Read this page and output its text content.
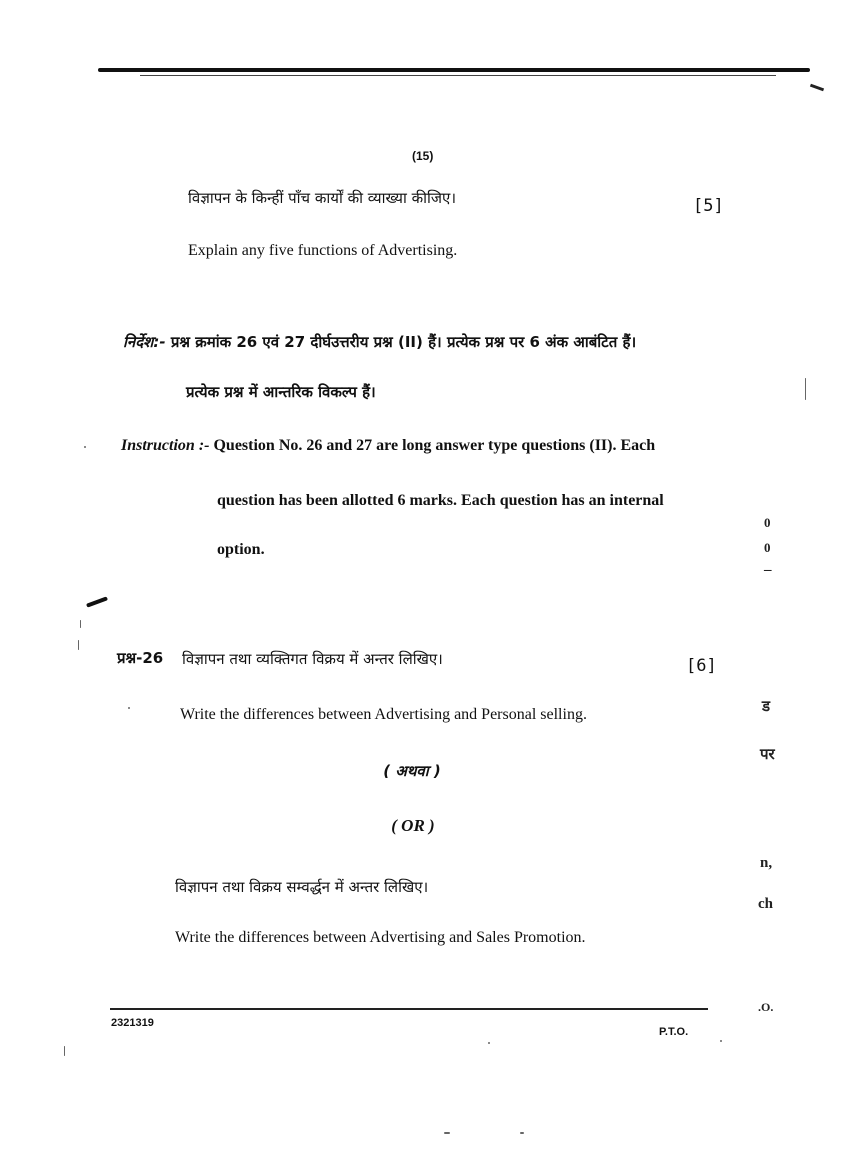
(15)
विज्ञापन के किन्हीं पाँच कार्यों की व्याख्या कीजिए।	[5]
Explain any five functions of Advertising.
निर्देश:- प्रश्न क्रमांक 26 एवं 27 दीर्घउत्तरीय प्रश्न (II) हैं। प्रत्येक प्रश्न पर 6 अंक आबंटित हैं।
प्रत्येक प्रश्न में आन्तरिक विकल्प हैं।
Instruction :- Question No. 26 and 27 are long answer type questions (II). Each
question has been allotted 6 marks. Each question has an internal
option.
प्रश्न-26 विज्ञापन तथा व्यक्तिगत विक्रय में अन्तर लिखिए।	[6]
Write the differences between Advertising and Personal selling.
( अथवा )
( OR )
विज्ञापन तथा विक्रय सम्वर्द्धन में अन्तर लिखिए।
Write the differences between Advertising and Sales Promotion.
0
0
–
ड
पर
n,
ch
.O.
2321319
P.T.O.
